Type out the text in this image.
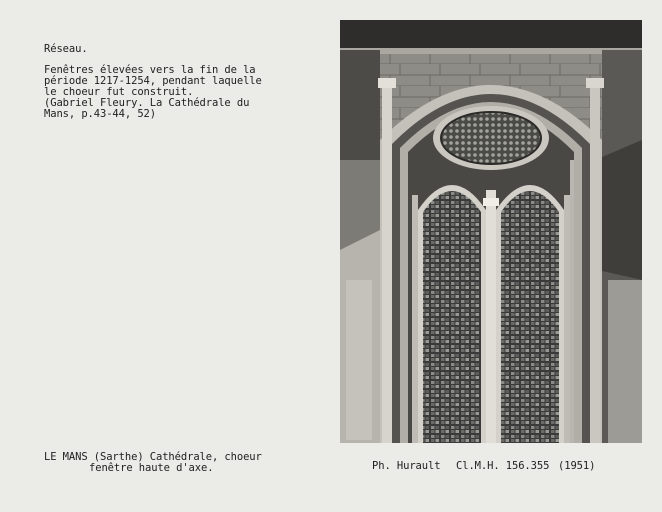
Réseau.
Fenêtres élevées vers la fin de la
période 1217-1254, pendant laquelle
le choeur fut construit.
(Gabriel Fleury. La Cathédrale du
Mans, p.43-44, 52)
LE MANS (Sarthe) Cathédrale, choeur
fenêtre haute d'axe.	Ph. Hurault Cl.M.H. 156.355 (1951)
